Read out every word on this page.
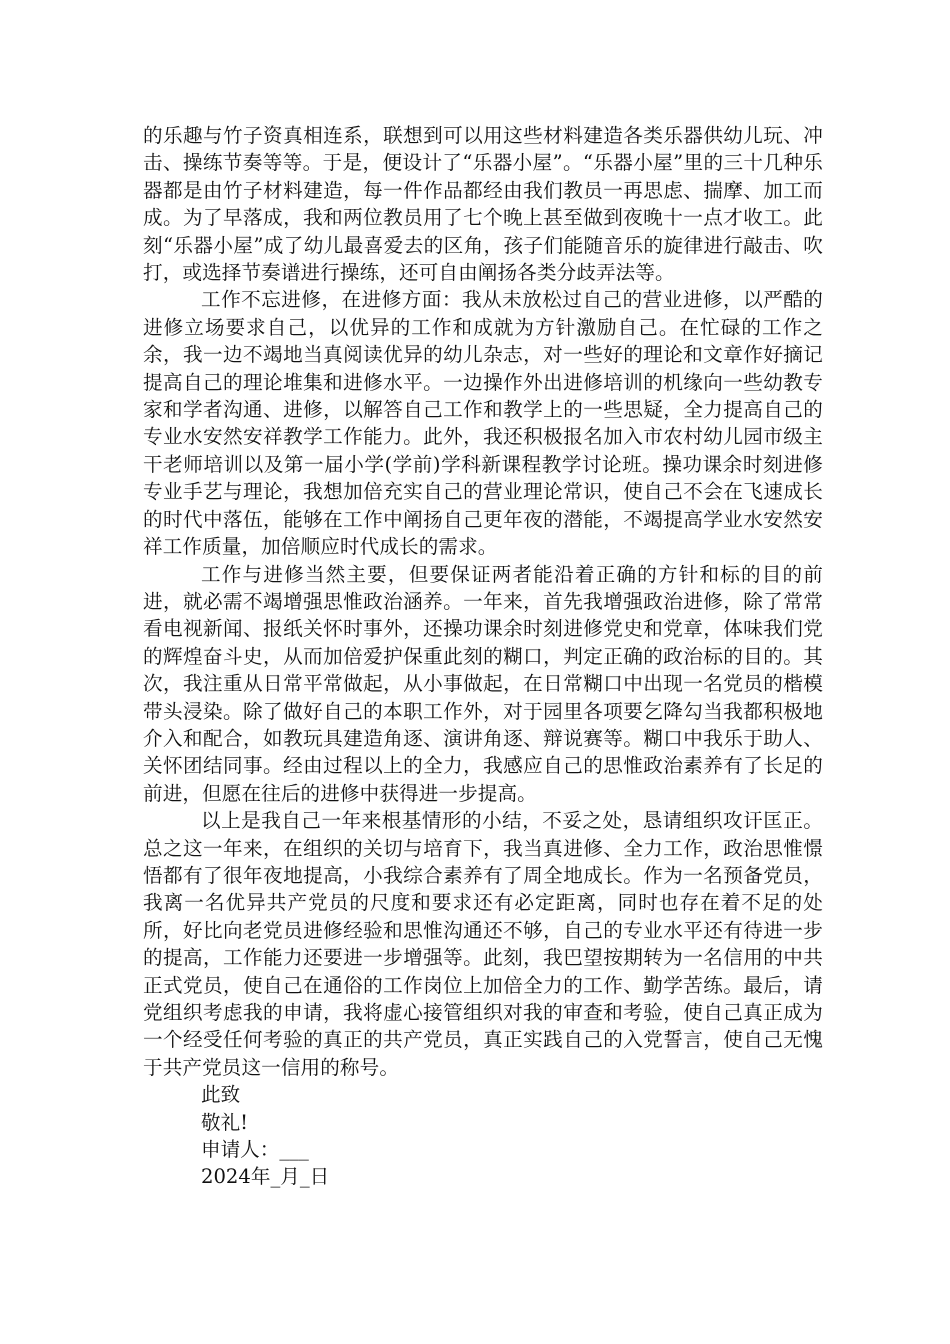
的乐趣与竹子资真相连系，联想到可以用这些材料建造各类乐器供幼儿玩、冲击、操练节奏等等。于是，便设计了“乐器小屋”。“乐器小屋”里的三十几种乐器都是由竹子材料建造，每一件作品都经由我们教员一再思虑、揣摩、加工而成。为了早落成，我和两位教员用了七个晚上甚至做到夜晚十一点才收工。此刻“乐器小屋”成了幼儿最喜爱去的区角，孩子们能随音乐的旋律进行敲击、吹打，或选择节奏谱进行操练，还可自由阐扬各类分歧弄法等。

工作不忘进修，在进修方面：我从未放松过自己的营业进修，以严酷的进修立场要求自己，以优异的工作和成就为方针激励自己。在忙碌的工作之余，我一边不竭地当真阅读优异的幼儿杂志，对一些好的理论和文章作好摘记提高自己的理论堆集和进修水平。一边操作外出进修培训的机缘向一些幼教专家和学者沟通、进修，以解答自己工作和教学上的一些思疑，全力提高自己的专业水安然安祥教学工作能力。此外，我还积极报名加入市农村幼儿园市级主干老师培训以及第一届小学(学前)学科新课程教学讨论班。操功课余时刻进修专业手艺与理论，我想加倍充实自己的营业理论常识，使自己不会在飞速成长的时代中落伍，能够在工作中阐扬自己更年夜的潜能，不竭提高学业水安然安祥工作质量，加倍顺应时代成长的需求。

工作与进修当然主要，但要保证两者能沿着正确的方针和标的目的前进，就必需不竭增强思惟政治涵养。一年来，首先我增强政治进修，除了常常看电视新闻、报纸关怀时事外，还操功课余时刻进修党史和党章，体味我们党的辉煌奋斗史，从而加倍爱护保重此刻的糊口，判定正确的政治标的目的。其次，我注重从日常平常做起，从小事做起，在日常糊口中出现一名党员的楷模带头浸染。除了做好自己的本职工作外，对于园里各项要乞降勾当我都积极地介入和配合，如教玩具建造角逐、演讲角逐、辩说赛等。糊口中我乐于助人、关怀团结同事。经由过程以上的全力，我感应自己的思惟政治素养有了长足的前进，但愿在往后的进修中获得进一步提高。

以上是我自己一年来根基情形的小结，不妥之处，恳请组织攻讦匡正。总之这一年来，在组织的关切与培育下，我当真进修、全力工作，政治思惟憬悟都有了很年夜地提高，小我综合素养有了周全地成长。作为一名预备党员，我离一名优异共产党员的尺度和要求还有必定距离，同时也存在着不足的处所，好比向老党员进修经验和思惟沟通还不够，自己的专业水平还有待进一步的提高，工作能力还要进一步增强等。此刻，我巴望按期转为一名信用的中共正式党员，使自己在通俗的工作岗位上加倍全力的工作、勤学苦练。最后，请党组织考虑我的申请，我将虚心接管组织对我的审查和考验，使自己真正成为一个经受任何考验的真正的共产党员，真正实践自己的入党誓言，使自己无愧于共产党员这一信用的称号。

此致

敬礼!

申请人：___

2024年_月_日
